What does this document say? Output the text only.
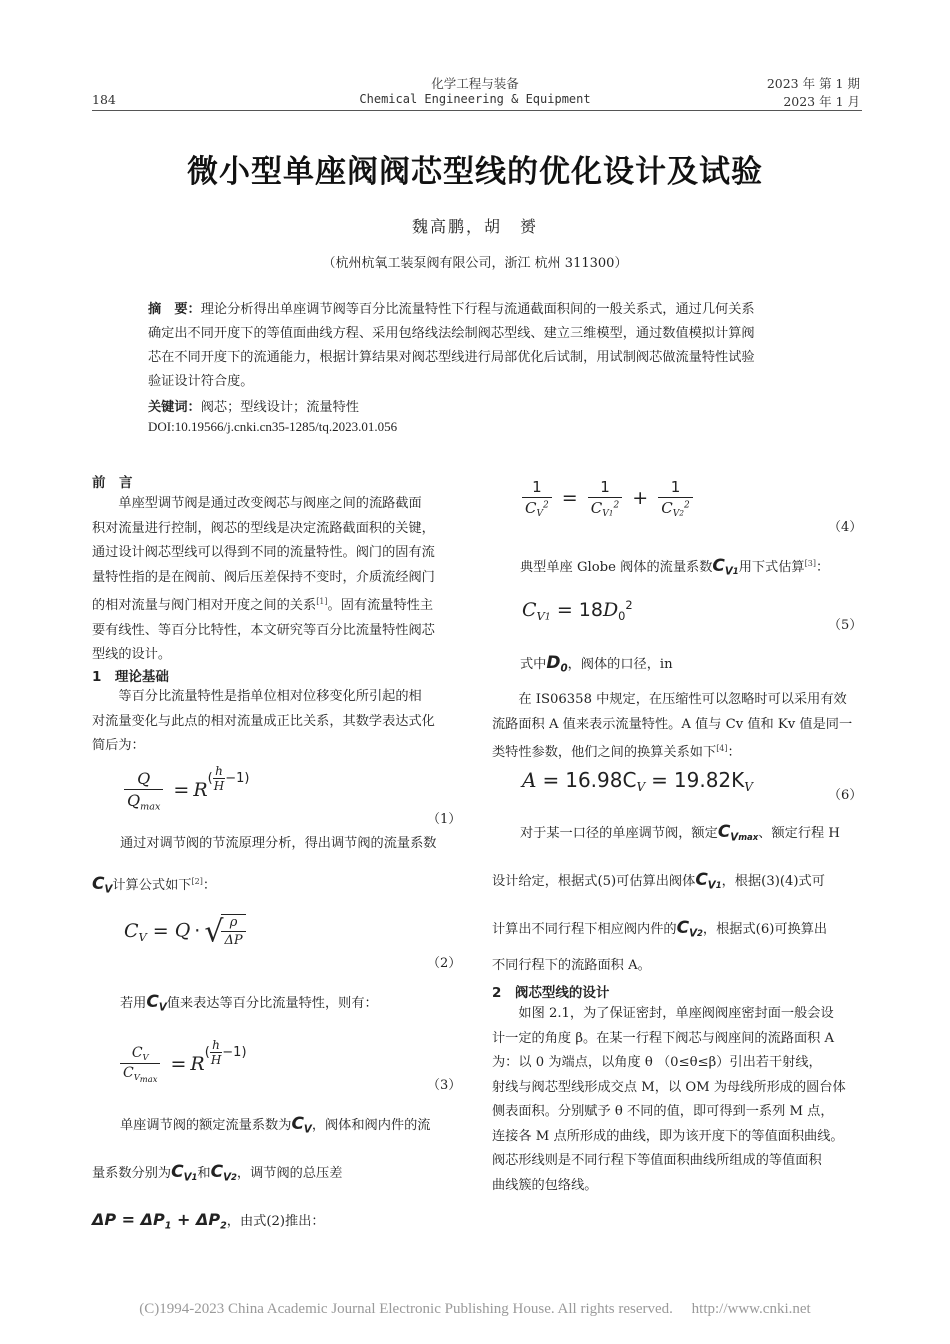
184
化学工程与装备
Chemical Engineering & Equipment
2023 年 第 1 期
2023 年 1 月
微小型单座阀阀芯型线的优化设计及试验
魏高鹏，胡　赟
（杭州杭氧工装泵阀有限公司，浙江 杭州 311300）
摘　要：理论分析得出单座调节阀等百分比流量特性下行程与流通截面积间的一般关系式，通过几何关系
确定出不同开度下的等值面曲线方程、采用包络线法绘制阀芯型线、建立三维模型，通过数值模拟计算阀
芯在不同开度下的流通能力，根据计算结果对阀芯型线进行局部优化后试制，用试制阀芯做流量特性试验
验证设计符合度。
关键词：阀芯；型线设计；流量特性
DOI:10.19566/j.cnki.cn35-1285/tq.2023.01.056
前　言
单座型调节阀是通过改变阀芯与阀座之间的流路截面
积对流量进行控制，阀芯的型线是决定流路截面积的关键，
通过设计阀芯型线可以得到不同的流量特性。阀门的固有流
量特性指的是在阀前、阀后压差保持不变时，介质流经阀门
的相对流量与阀门相对开度之间的关系[1]。固有流量特性主
要有线性、等百分比特性，本文研究等百分比流量特性阀芯
型线的设计。
1　理论基础
等百分比流量特性是指单位相对位移变化所引起的相
对流量变化与此点的相对流量成正比关系，其数学表达式化
简后为：
$\frac{Q}{Q_{max}} = R^{( \frac{h}{H} -1)}$
（1）
通过对调节阀的节流原理分析，得出调节阀的流量系数
$C_V$计算公式如下[2]：
$C_V = Q$ · √
$\frac{\rho}{\Delta P}$
（2）
若用$C_V$值来表达等百分比流量特性，则有：
$\frac{C_V}{C_{Vmax}} = R^{( \frac{h}{H} -1)}$
（3）
单座调节阀的额定流量系数为$C_V$，阀体和阀内件的流
量系数分别为$C_{V1}$和$C_{V2}$，调节阀的总压差
$\Delta P = \Delta P_1 + \Delta P_2$，由式(2)推出：
$\frac{1}{C_V^2} = \frac{1}{C_{V1}^2} + \frac{1}{C_{V2}^2}$
（4）
典型单座 Globe 阀体的流量系数$C_{V1}$用下式估算[3]：
$C_{V1} = 18D_0^2$
（5）
式中$D_0$，阀体的口径，in
在 IS06358 中规定，在压缩性可以忽略时可以采用有效
流路面积 A 值来表示流量特性。A 值与 Cv 值和 Kv 值是同一
类特性参数，他们之间的换算关系如下[4]：
$A = 16.98C_V = 19.82K_V$
（6）
对于某一口径的单座调节阀，额定$C_{Vmax}$、额定行程 H
设计给定，根据式(5)可估算出阀体$C_{V1}$，根据(3)(4)式可
计算出不同行程下相应阀内件的$C_{V2}$，根据式(6)可换算出
不同行程下的流路面积 A。
2　阀芯型线的设计
如图 2.1，为了保证密封，单座阀阀座密封面一般会设
计一定的角度 β。在某一行程下阀芯与阀座间的流路面积 A
为：以 0 为端点，以角度 θ （0≤θ≤β）引出若干射线，
射线与阀芯型线形成交点 M，以 OM 为母线所形成的圆台体
侧表面积。分别赋予 θ 不同的值，即可得到一系列 M 点，
连接各 M 点所形成的曲线，即为该开度下的等值面积曲线。
阀芯形线则是不同行程下等值面积曲线所组成的等值面积
曲线簇的包络线。
(C)1994-2023 China Academic Journal Electronic Publishing House. All rights reserved.　 http://www.cnki.net
